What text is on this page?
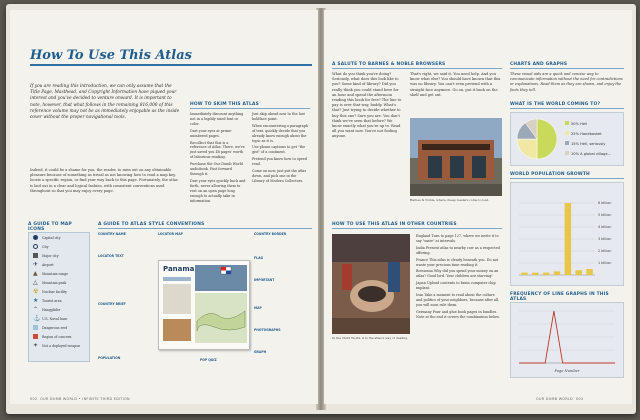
How To Use This Atlas

If you are reading this introduction, we can only assume that the Title Page, Masthead, and Copyright Information have piqued your interest and you've decided to venture onward. It is important to note, however, that what follows in the remaining 816,000 of this reference volume may not be as immediately enjoyable as the inside cover without the proper navigational tools.

Indeed, it could be a shame for you, the reader, to miss out on any obtainable pleasure because of something as trivial as not knowing how to read a map key, locate a specific region, or find your way back to this page. Fortunately, the atlas is laid out in a clear and logical fashion, with consistent conventions used throughout so that you may enjoy every page.

HOW TO SKIM THIS ATLAS

Immediately discount anything not in a legibly sized font or color.

Dart your eyes at prime-numbered pages.

Recollect that this is a reference of Atlas. There, we've just saved you 48 pages' worth of laborious reading.

Purchase the Our Dumb World audiobook. Fast forward through it.

Dart your eyes quickly back and forth, never allowing them to rest on an open page long enough to actually take in information.

Just skip ahead now to the last boldface point.

When encountering a paragraph of text, quickly decide that you already know enough about the topic as it is.

Use phone captions to get "the gist" of a continent.

Pretend you know how to speed read.

Come on now, just put the atlas down, and pick one in the Library of Modern Collectors.

A GUIDE TO MAP ICONS
A GUIDE TO ATLAS STYLE CONVENTIONS
Capital city
City
Major city
✈ Airport
▲ Mountain range
△ Mountain peak
☢ Nuclear facility
★ Tourist area
⌃ Hangglider
⚓ U.S. Naval base
Dangerous reef
Region of concern
✦ Not a deployed weapon
COUNTRY NAME	LOCATOR MAP
LOCATOR TEXT
COUNTRY BORDER
COUNTRY BRIEF
POPULATION
FLAG
IMPORTANT
MAP
PHOTOGRAPHS
GRAPH
POP QUIZ
Panama
002 OUR DUMB WORLD • INFINITE THIRD EDITION
A SALUTE TO BARNES & NOBLE BROWSERS

What do you think you're doing? Seriously, what does this look like to you? Some kind of library? Did you really think you could stand here for an hour and spend the afternoon reading this book for free? The line to pay is over that way, buddy. What's that? Just trying to decide whether to buy this one? Sure you are. You don't think we've seen that before? We know exactly what you're up to. Read all you want now. You're not fooling anyone.

That's right, we said it. You need help. And you know what else? You should have known that this was no library. You can't even pretend with a straight face anymore. Go on, put it back on the shelf and get out.

Barnes & Noble, where cheap readers come to loaf.
HOW TO USE THIS ATLAS IN OTHER COUNTRIES
In the Third World, it is the atlas's way of dealing.

England Turn to page 127, where we invite it to say "mate" at intervals.

India Present atlas to nearby cow as a respected offering.

France This atlas is clearly beneath you. Do not waste your precious time reading it.

Botswana Why did you spend your money on an atlas? Good lord. Your children are starving!

Japan Upload contents to brain computer chip implant.

Iran Take a moment to read about the culture and politics of your neighbors, because after all, you will soon rule them.

Germany Pour and glue book pages in bundles. Note at the end it covers the combination below.

CHARTS AND GRAPHS

These visual aids are a quick and concise way to communicate information without the need for contradictions or explanations. Read them as they are shown, and enjoy the facts they tell.

WHAT IS THE WORLD COMING TO?
50% Hell
25% Handbasket
15% Hell, seriously
10% A global village...
WORLD POPULATION GROWTH
1 billion
2 billion
3 billion
4 billion
5 billion
6 billion
FREQUENCY OF LINE GRAPHS IN THIS ATLAS
Page Number
OUR DUMB WORLD 003
